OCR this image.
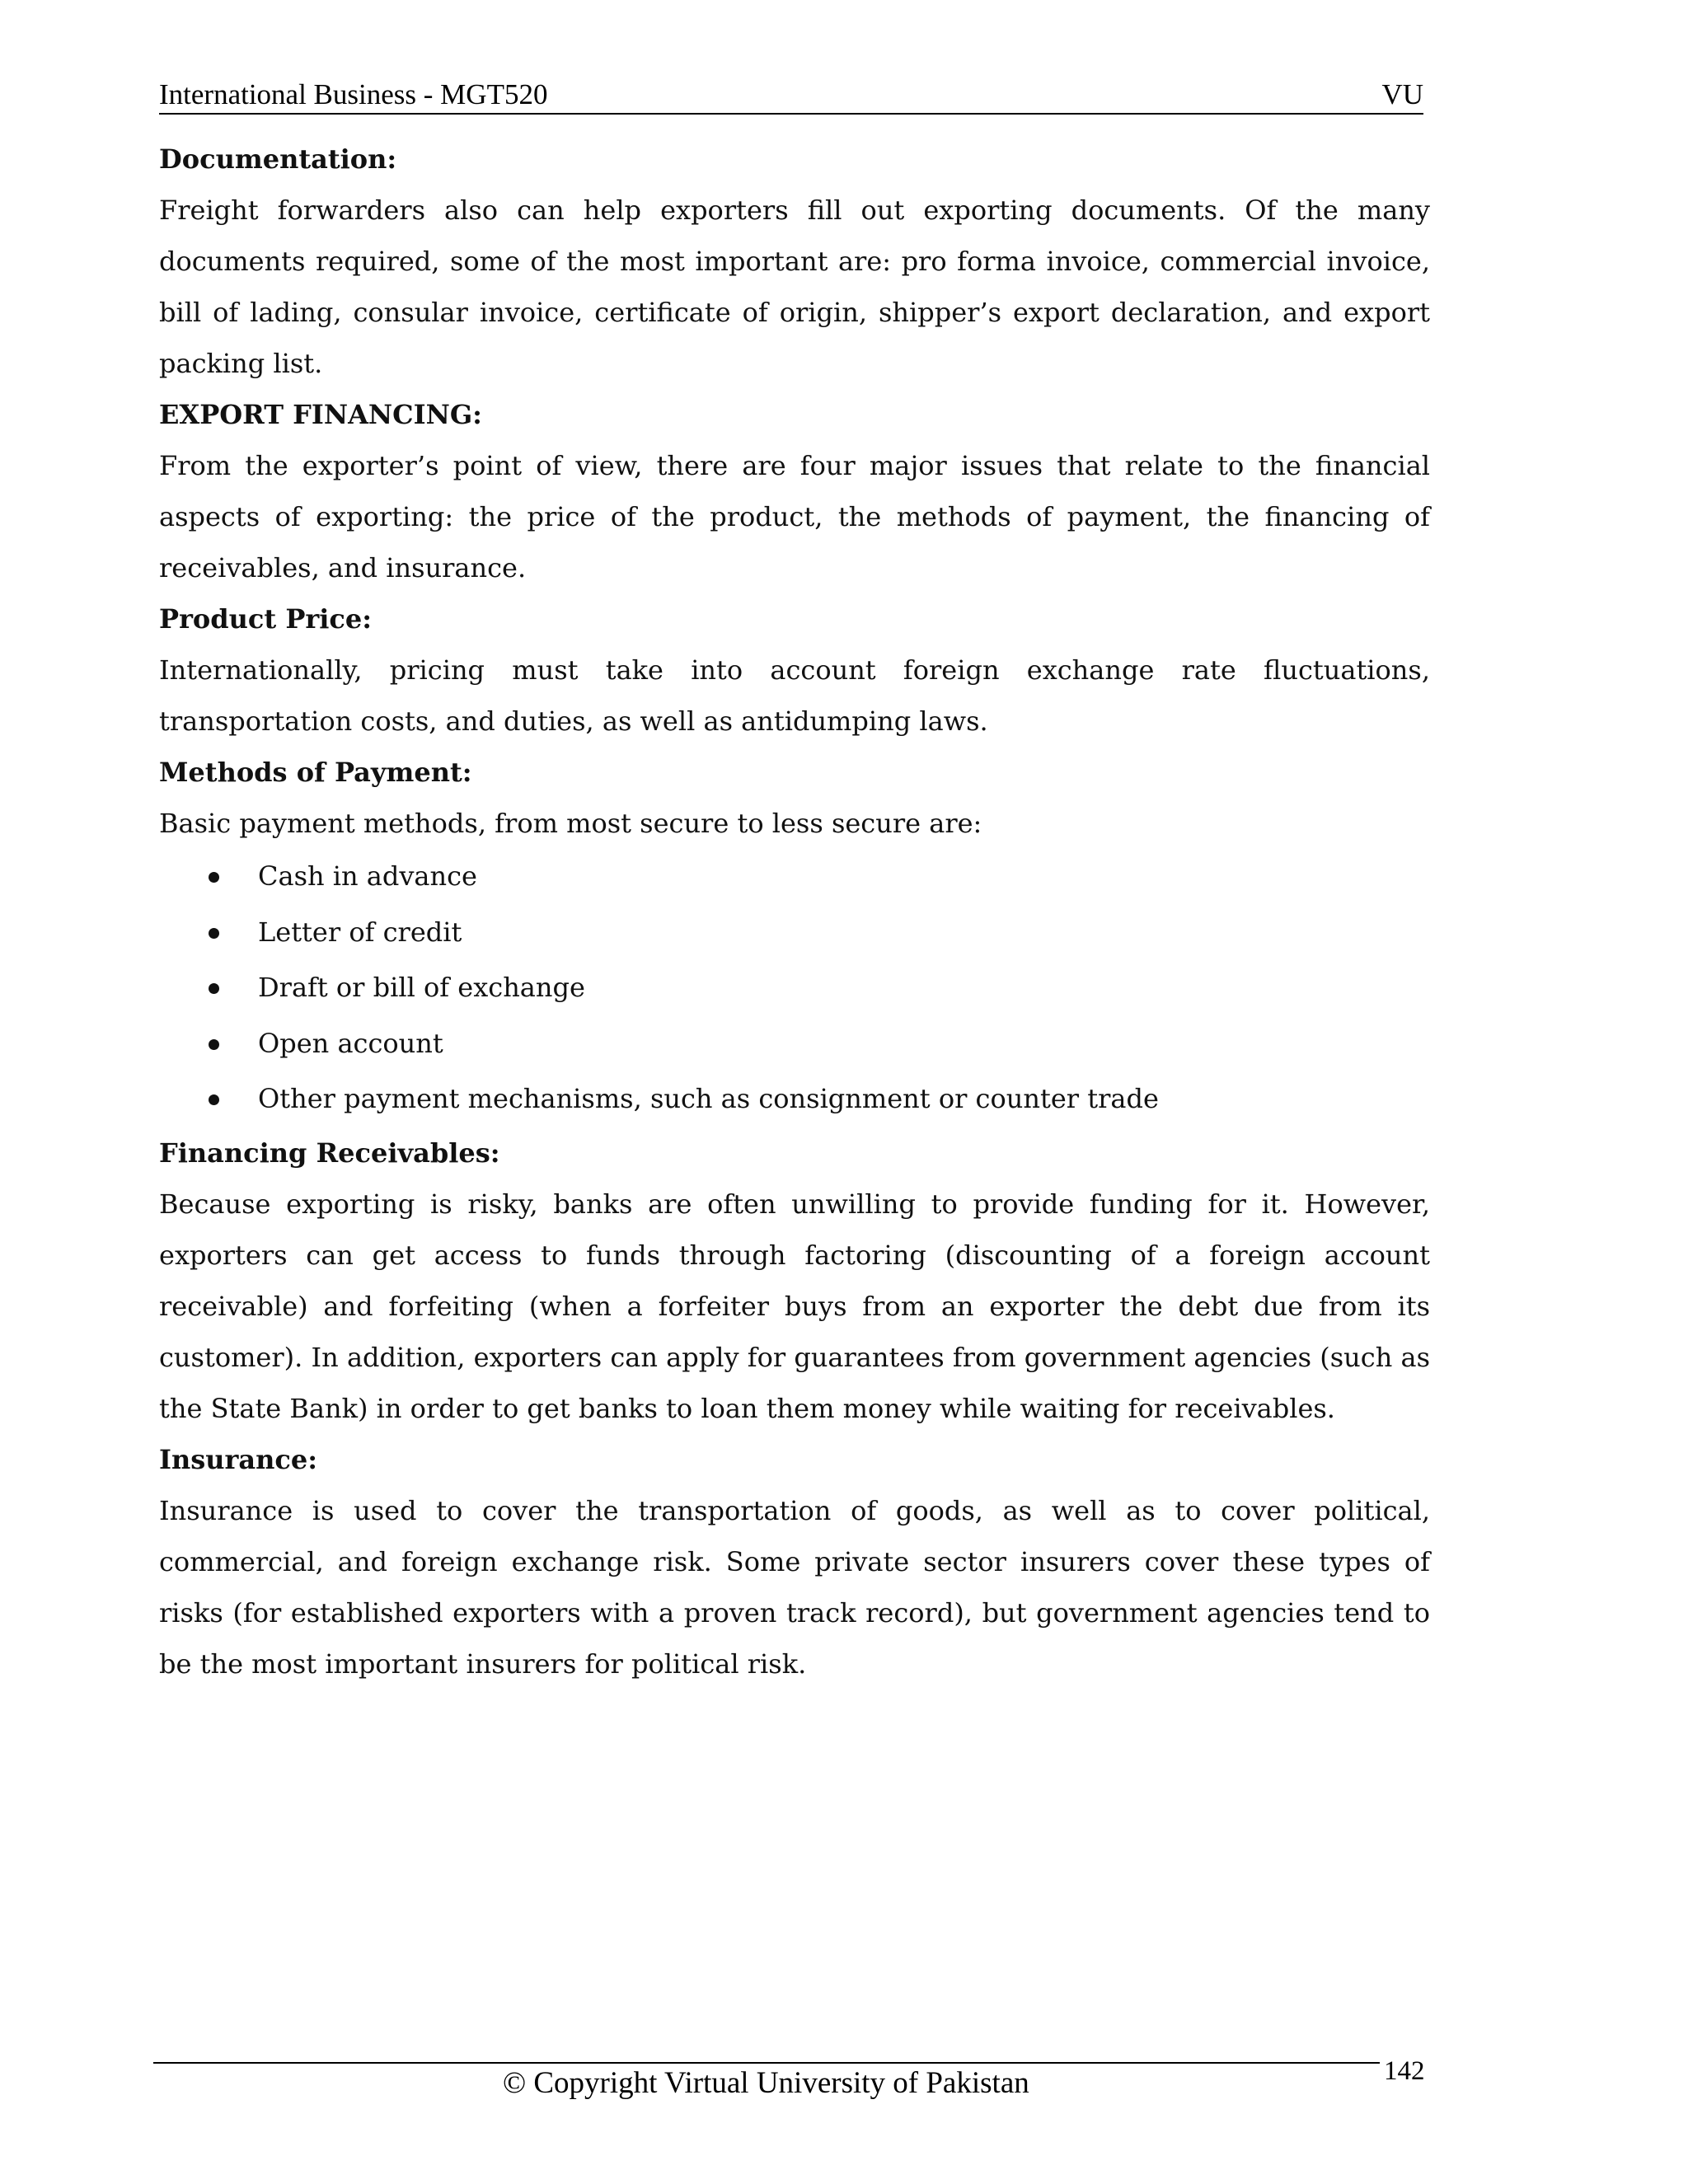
International Business - MGT520	VU
Documentation:

Freight forwarders also can help exporters fill out exporting documents. Of the many documents required, some of the most important are: pro forma invoice, commercial invoice, bill of lading, consular invoice, certificate of origin, shipper’s export declaration, and export packing list.

EXPORT FINANCING:

From the exporter’s point of view, there are four major issues that relate to the financial aspects of exporting: the price of the product, the methods of payment, the financing of receivables, and insurance.

Product Price:

Internationally, pricing must take into account foreign exchange rate fluctuations, transportation costs, and duties, as well as antidumping laws.

Methods of Payment:

Basic payment methods, from most secure to less secure are:

Cash in advance
Letter of credit
Draft or bill of exchange
Open account
Other payment mechanisms, such as consignment or counter trade
Financing Receivables:

Because exporting is risky, banks are often unwilling to provide funding for it. However, exporters can get access to funds through factoring (discounting of a foreign account receivable) and forfeiting (when a forfeiter buys from an exporter the debt due from its customer). In addition, exporters can apply for guarantees from government agencies (such as the State Bank) in order to get banks to loan them money while waiting for receivables.

Insurance:

Insurance is used to cover the transportation of goods, as well as to cover political, commercial, and foreign exchange risk. Some private sector insurers cover these types of risks (for established exporters with a proven track record), but government agencies tend to be the most important insurers for political risk.

© Copyright Virtual University of Pakistan	142
